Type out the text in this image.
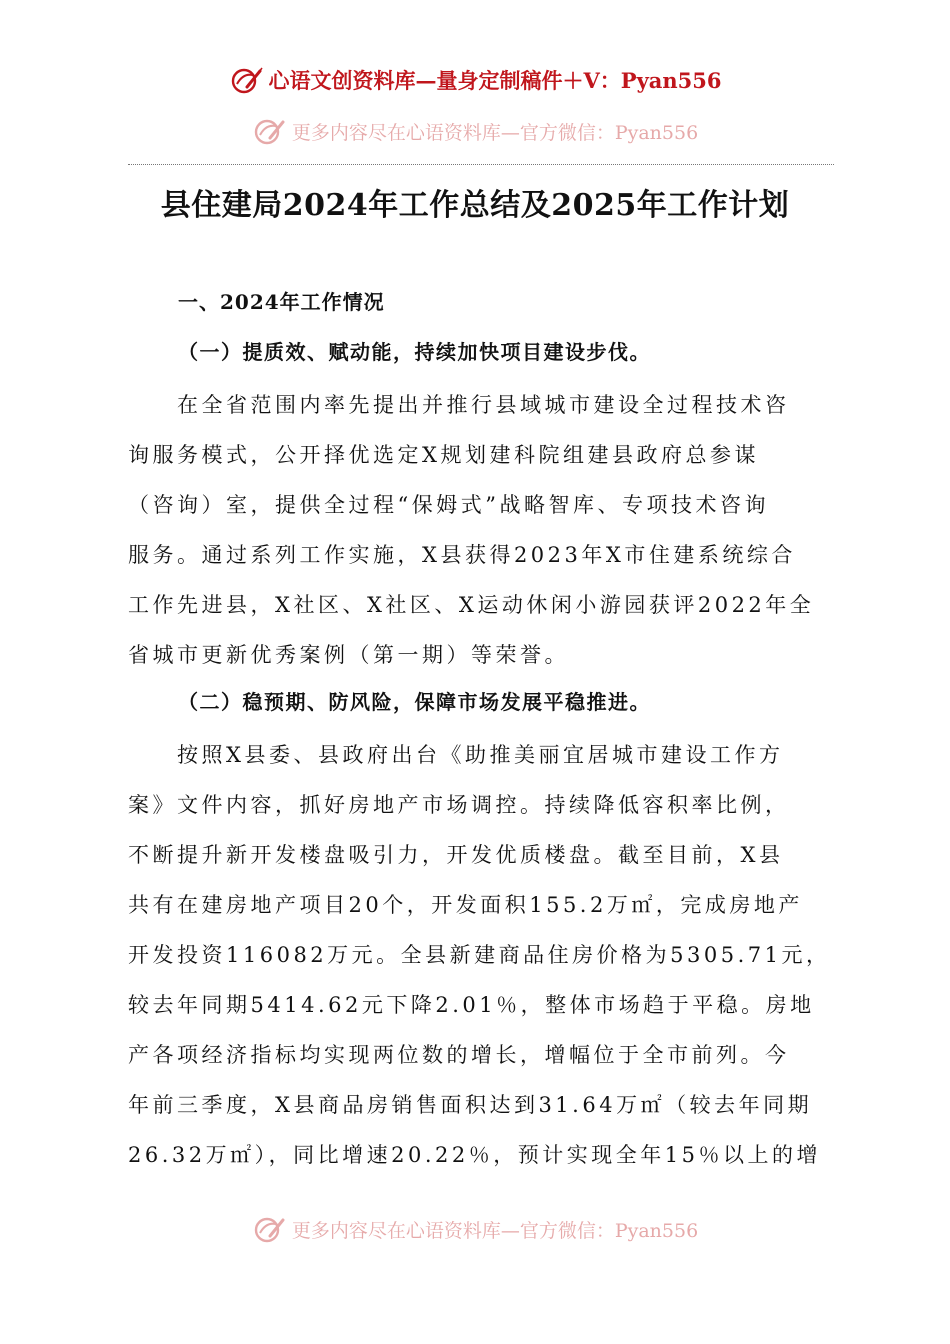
心语文创资料库—量身定制稿件＋V：Pyan556
更多内容尽在心语资料库—官方微信：Pyan556
县住建局2024年工作总结及2025年工作计划
一、2024年工作情况
（一）提质效、赋动能，持续加快项目建设步伐。
　　在全省范围内率先提出并推行县域城市建设全过程技术咨
询服务模式，公开择优选定X规划建科院组建县政府总参谋
（咨询）室，提供全过程“保姆式”战略智库、专项技术咨询
服务。通过系列工作实施，X县获得2023年X市住建系统综合
工作先进县，X社区、X社区、X运动休闲小游园获评2022年全
省城市更新优秀案例（第一期）等荣誉。
（二）稳预期、防风险，保障市场发展平稳推进。
　　按照X县委、县政府出台《助推美丽宜居城市建设工作方
案》文件内容，抓好房地产市场调控。持续降低容积率比例，
不断提升新开发楼盘吸引力，开发优质楼盘。截至目前，X县
共有在建房地产项目20个，开发面积155.2万㎡，完成房地产
开发投资116082万元。全县新建商品住房价格为5305.71元，
较去年同期5414.62元下降2.01％，整体市场趋于平稳。房地
产各项经济指标均实现两位数的增长，增幅位于全市前列。今
年前三季度，X县商品房销售面积达到31.64万㎡（较去年同期
26.32万㎡），同比增速20.22％，预计实现全年15％以上的增
更多内容尽在心语资料库—官方微信：Pyan556
